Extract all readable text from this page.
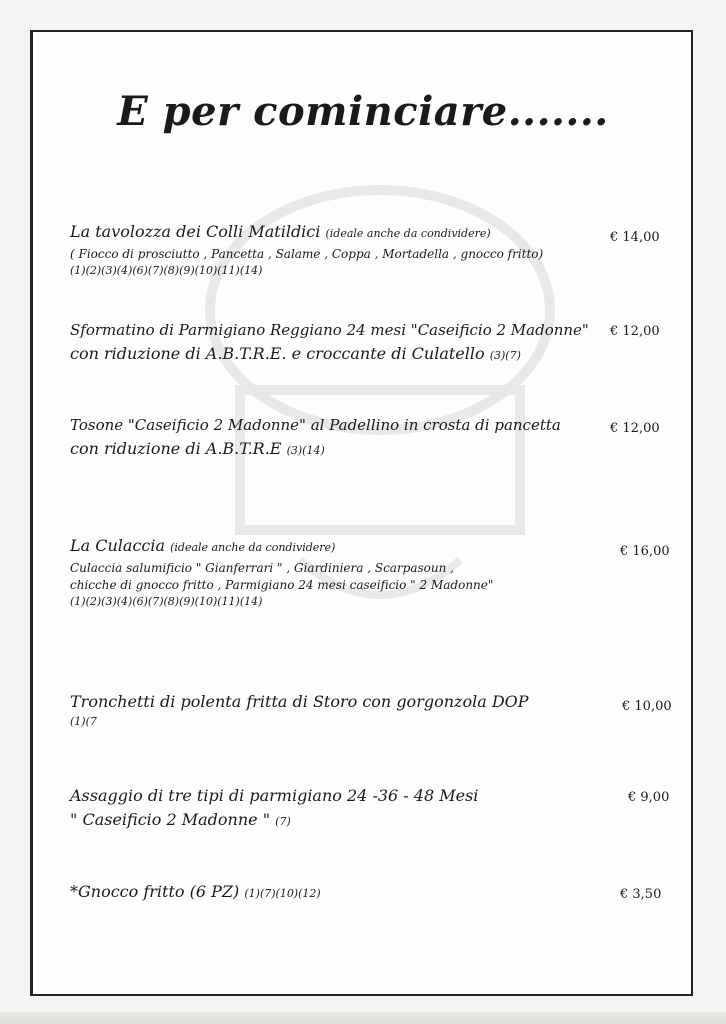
E per cominciare.......
La tavolozza dei Colli Matildici (ideale anche da condividere)
( Fiocco di prosciutto , Pancetta , Salame , Coppa , Mortadella , gnocco fritto)
(1)(2)(3)(4)(6)(7)(8)(9)(10)(11)(14)
€ 14,00
Sformatino di Parmigiano Reggiano 24 mesi "Caseificio 2 Madonne"
con riduzione di A.B.T.R.E. e croccante di Culatello (3)(7)
€ 12,00
Tosone "Caseificio 2 Madonne" al Padellino in crosta di pancetta
con riduzione di A.B.T.R.E (3)(14)
€ 12,00
La Culaccia (ideale anche da condividere)
Culaccia salumificio " Gianferrari " , Giardiniera , Scarpasoun ,
chicche di gnocco fritto , Parmigiano 24 mesi caseificio " 2 Madonne"
(1)(2)(3)(4)(6)(7)(8)(9)(10)(11)(14)
€ 16,00
Tronchetti di polenta fritta di Storo con gorgonzola DOP
(1)(7
€ 10,00
Assaggio di tre tipi di parmigiano 24 -36 - 48 Mesi
" Caseificio 2 Madonne " (7)
€ 9,00
*Gnocco fritto (6 PZ) (1)(7)(10)(12)	€ 3,50
